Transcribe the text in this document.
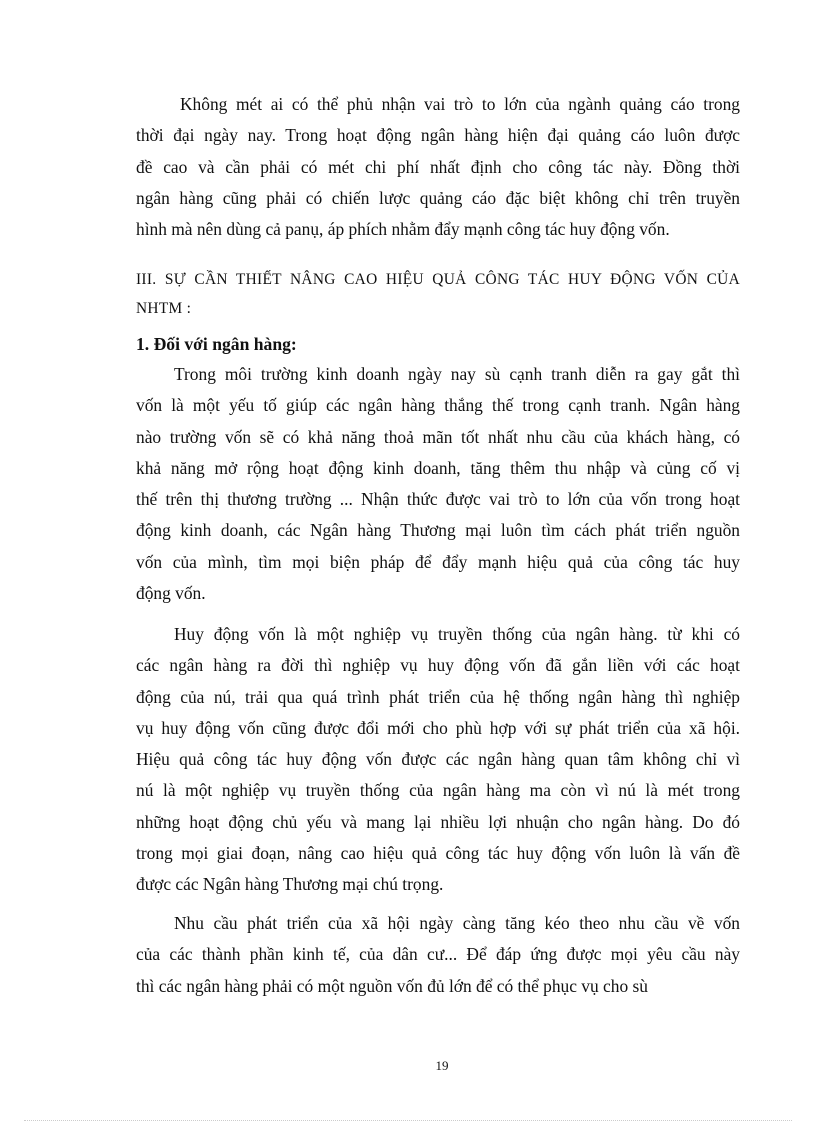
Không mét ai có thể phủ nhận vai trò to lớn của ngành quảng cáo trong
thời đại ngày nay. Trong hoạt động ngân hàng hiện đại quảng cáo luôn được
đề cao và cần phải có mét chi phí nhất định cho công tác này. Đồng thời
ngân hàng cũng phải có chiến lược quảng cáo đặc biệt không chỉ trên truyền
hình mà nên dùng cả panụ, áp phích nhằm đẩy mạnh công tác huy động vốn.
III. SỰ CẦN THIẾT NÂNG CAO HIỆU QUẢ CÔNG TÁC HUY ĐỘNG VỐN CỦA
NHTM :
1. Đối với ngân hàng:
Trong môi trường kinh doanh ngày nay sù cạnh tranh diễn ra gay gắt thì
vốn là một yếu tố giúp các ngân hàng thắng thế trong cạnh tranh. Ngân hàng
nào trường vốn sẽ có khả năng thoả mãn tốt nhất nhu cầu của khách hàng, có
khả năng mở rộng hoạt động kinh doanh, tăng thêm thu nhập và củng cố vị
thế trên thị thương trường ... Nhận thức được vai trò to lớn của vốn trong hoạt
động kinh doanh, các Ngân hàng Thương mại luôn tìm cách phát triển nguồn
vốn của mình, tìm mọi biện pháp để đẩy mạnh hiệu quả của công tác huy
động vốn.
Huy động vốn là một nghiệp vụ truyền thống của ngân hàng. từ khi có
các ngân hàng ra đời thì nghiệp vụ huy động vốn đã gắn liền với các hoạt
động của nú, trải qua quá trình phát triển của hệ thống ngân hàng thì nghiệp
vụ huy động vốn cũng được đổi mới cho phù hợp với sự phát triển của xã hội.
Hiệu quả công tác huy động vốn được các ngân hàng quan tâm không chỉ vì
nú là một nghiệp vụ truyền thống của ngân hàng ma còn vì nú là mét trong
những hoạt động chủ yếu và mang lại nhiều lợi nhuận cho ngân hàng. Do đó
trong mọi giai đoạn, nâng cao hiệu quả công tác huy động vốn luôn là vấn đề
được các Ngân hàng Thương mại chú trọng.
Nhu cầu phát triển của xã hội ngày càng tăng kéo theo nhu cầu về vốn
của các thành phần kinh tế, của dân cư... Để đáp ứng được mọi yêu cầu này
thì các ngân hàng phải có một nguồn vốn đủ lớn để có thể phục vụ cho sù
19
